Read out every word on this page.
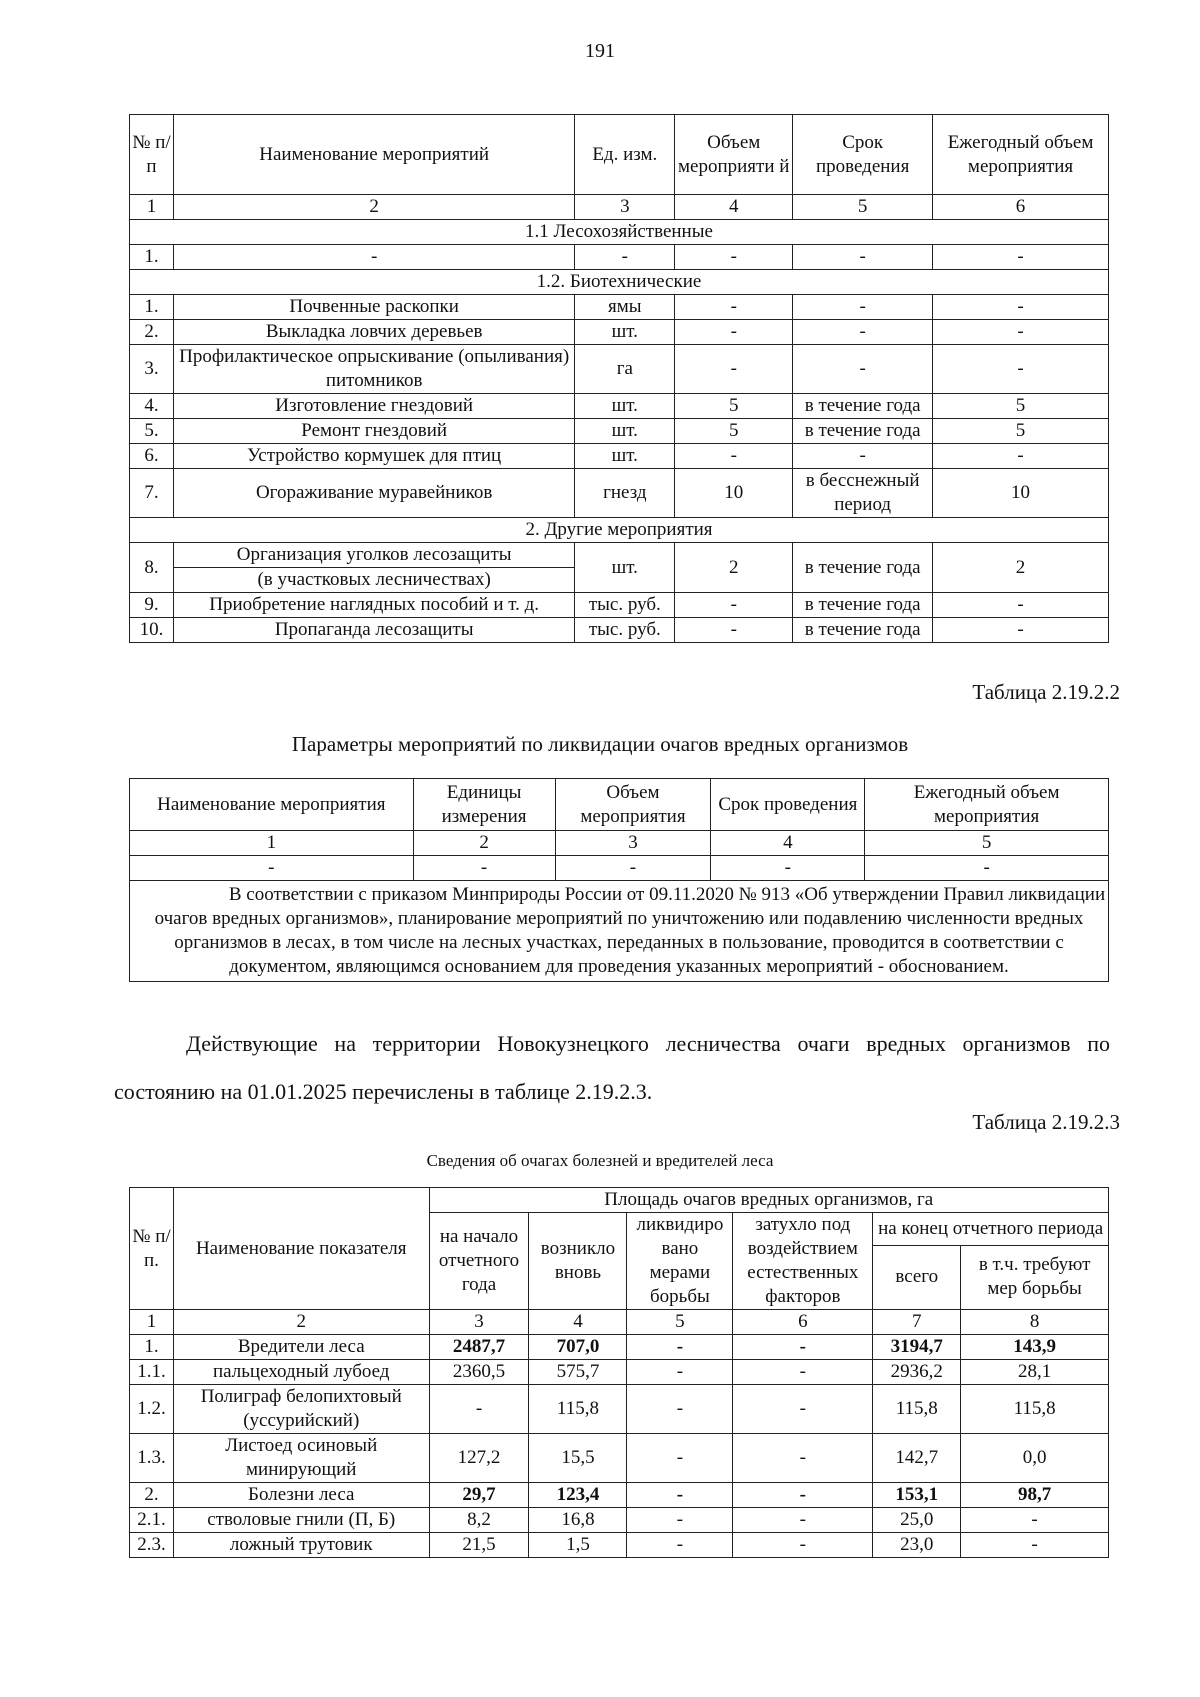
191
№ п/п	Наименование мероприятий	Ед. изм.	Объем мероприяти й	Срок проведения	Ежегодный объем мероприятия
1	2	3	4	5	6
1.1 Лесохозяйственные					
1.	-	-	-	-	-
1.2. Биотехнические					
1.	Почвенные раскопки	ямы	-	-	-
2.	Выкладка ловчих деревьев	шт.	-	-	-
3.	Профилактическое опрыскивание (опыливания) питомников	га	-	-	-
4.	Изготовление гнездовий	шт.	5	в течение года	5
5.	Ремонт гнездовий	шт.	5	в течение года	5
6.	Устройство кормушек для птиц	шт.	-	-	-
7.	Огораживание муравейников	гнезд	10	в бесснежный период	10
2. Другие мероприятия					
8.	Организация уголков лесозащиты	шт.	2	в течение года	2
	(в участковых лесничествах)				
9.	Приобретение наглядных пособий и т. д.	тыс. руб.	-	в течение года	-
10.	Пропаганда лесозащиты	тыс. руб.	-	в течение года	-
Таблица 2.19.2.2
Параметры мероприятий по ликвидации очагов вредных организмов
Наименование мероприятия	Единицы измерения	Объем мероприятия	Срок проведения	Ежегодный объем мероприятия
1	2	3	4	5
-	-	-	-	-
В соответствии с приказом Минприроды России от 09.11.2020 № 913 «Об утверждении Правил ликвидации очагов вредных организмов», планирование мероприятий по уничтожению или подавлению численности вредных организмов в лесах, в том числе на лесных участках, переданных в пользование, проводится в соответствии с документом, являющимся основанием для проведения указанных мероприятий - обоснованием.				
Действующие на территории Новокузнецкого лесничества очаги вредных организмов по состоянию на 01.01.2025 перечислены в таблице 2.19.2.3.
Таблица 2.19.2.3
Сведения об очагах болезней и вредителей леса
№ п/п.	Наименование показателя	Площадь очагов вредных организмов, га					
		на начало отчетного года	возникло вновь	ликвидиро вано мерами борьбы	затухло под воздействием естественных факторов	на конец отчетного периода	
						всего	в т.ч. требуют мер борьбы
1	2	3	4	5	6	7	8
1.	Вредители леса	2487,7	707,0	-	-	3194,7	143,9
1.1.	пальцеходный лубоед	2360,5	575,7	-	-	2936,2	28,1
1.2.	Полиграф белопихтовый (уссурийский)	-	115,8	-	-	115,8	115,8
1.3.	Листоед осиновый минирующий	127,2	15,5	-	-	142,7	0,0
2.	Болезни леса	29,7	123,4	-	-	153,1	98,7
2.1.	стволовые гнили (П, Б)	8,2	16,8	-	-	25,0	-
2.3.	ложный трутовик	21,5	1,5	-	-	23,0	-
